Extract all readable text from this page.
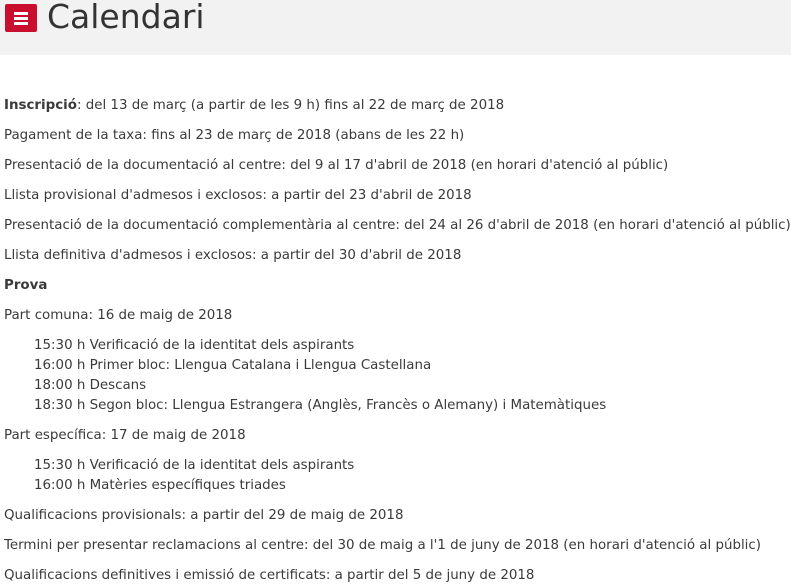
Calendari
Inscripció: del 13 de març (a partir de les 9 h) fins al 22 de març de 2018
Pagament de la taxa: fins al 23 de març de 2018 (abans de les 22 h)
Presentació de la documentació al centre: del 9 al 17 d'abril de 2018 (en horari d'atenció al públic)
Llista provisional d'admesos i exclosos: a partir del 23 d'abril de 2018
Presentació de la documentació complementària al centre: del 24 al 26 d'abril de 2018 (en horari d'atenció al públic)
Llista definitiva d'admesos i exclosos: a partir del 30 d'abril de 2018
Prova
Part comuna: 16 de maig de 2018
15:30 h Verificació de la identitat dels aspirants
16:00 h Primer bloc: Llengua Catalana i Llengua Castellana
18:00 h Descans
18:30 h Segon bloc: Llengua Estrangera (Anglès, Francès o Alemany) i Matemàtiques
Part específica: 17 de maig de 2018
15:30 h Verificació de la identitat dels aspirants
16:00 h Matèries específiques triades
Qualificacions provisionals: a partir del 29 de maig de 2018
Termini per presentar reclamacions al centre: del 30 de maig a l'1 de juny de 2018 (en horari d'atenció al públic)
Qualificacions definitives i emissió de certificats: a partir del 5 de juny de 2018
